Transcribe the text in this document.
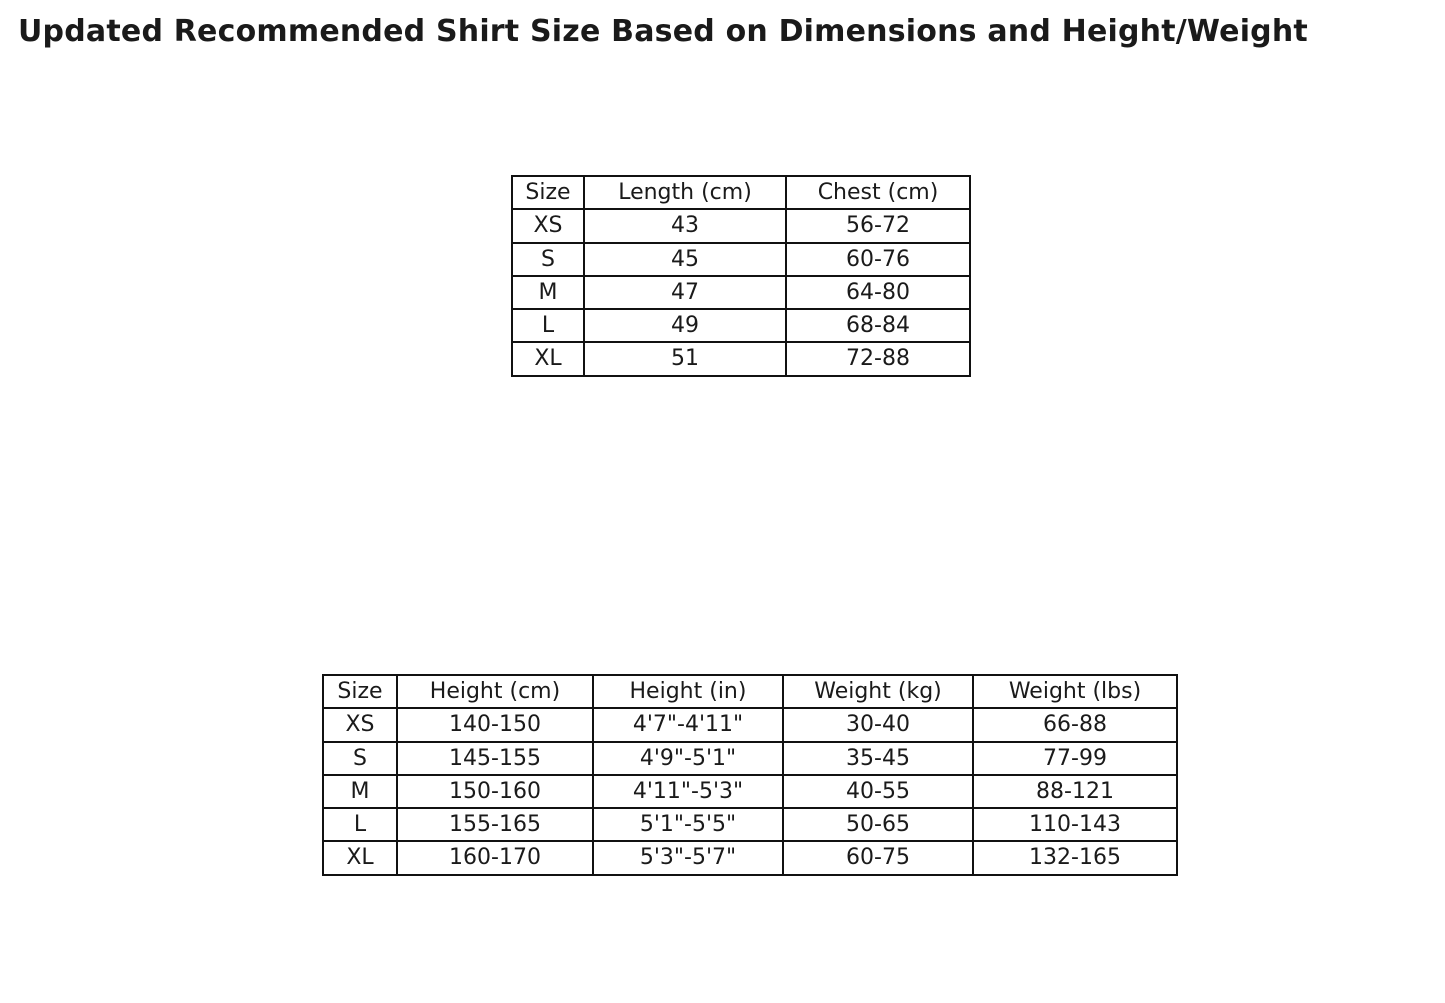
Updated Recommended Shirt Size Based on Dimensions and Height/Weight
Size	Length (cm)	Chest (cm)
XS	43	56-72
S	45	60-76
M	47	64-80
L	49	68-84
XL	51	72-88
Size	Height (cm)	Height (in)	Weight (kg)	Weight (lbs)
XS	140-150	4'7"-4'11"	30-40	66-88
S	145-155	4'9"-5'1"	35-45	77-99
M	150-160	4'11"-5'3"	40-55	88-121
L	155-165	5'1"-5'5"	50-65	110-143
XL	160-170	5'3"-5'7"	60-75	132-165
